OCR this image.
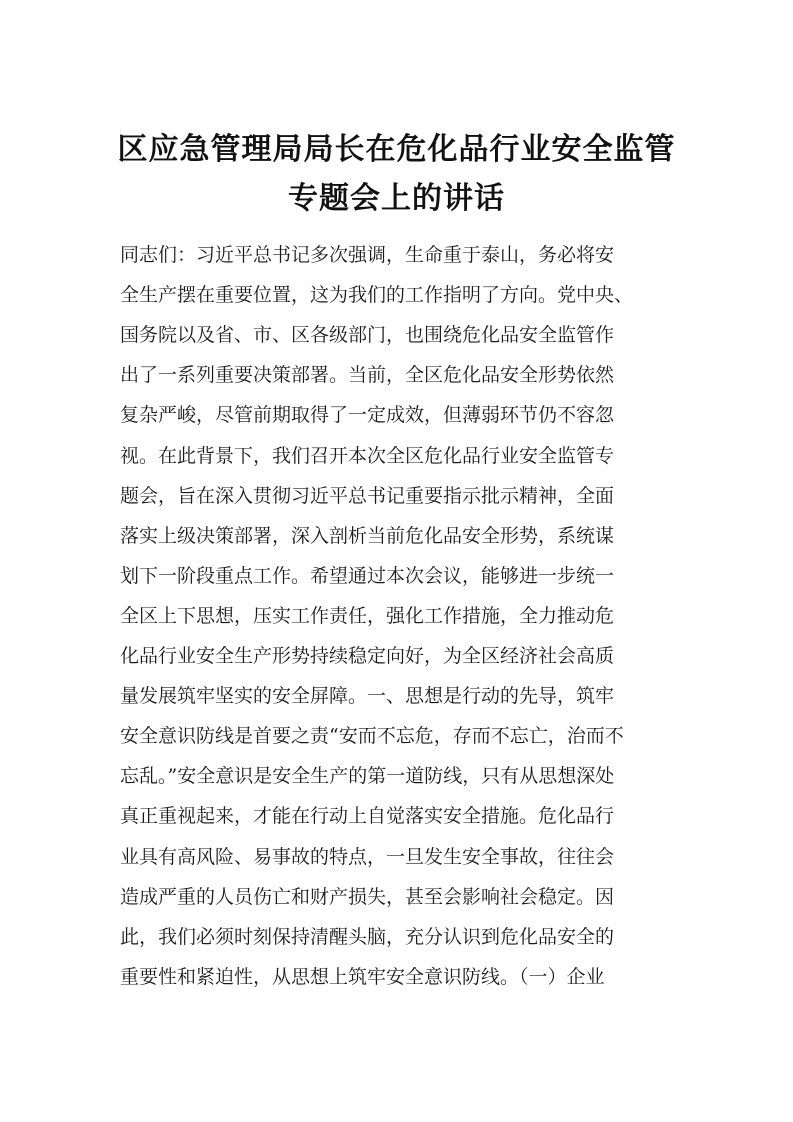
区应急管理局局长在危化品行业安全监管
专题会上的讲话
同志们：习近平总书记多次强调，生命重于泰山，务必将安
全生产摆在重要位置，这为我们的工作指明了方向。党中央、
国务院以及省、市、区各级部门，也围绕危化品安全监管作
出了一系列重要决策部署。当前，全区危化品安全形势依然
复杂严峻，尽管前期取得了一定成效，但薄弱环节仍不容忽
视。在此背景下，我们召开本次全区危化品行业安全监管专
题会，旨在深入贯彻习近平总书记重要指示批示精神，全面
落实上级决策部署，深入剖析当前危化品安全形势，系统谋
划下一阶段重点工作。希望通过本次会议，能够进一步统一
全区上下思想，压实工作责任，强化工作措施，全力推动危
化品行业安全生产形势持续稳定向好，为全区经济社会高质
量发展筑牢坚实的安全屏障。一、思想是行动的先导，筑牢
安全意识防线是首要之责“安而不忘危，存而不忘亡，治而不
忘乱。”安全意识是安全生产的第一道防线，只有从思想深处
真正重视起来，才能在行动上自觉落实安全措施。危化品行
业具有高风险、易事故的特点，一旦发生安全事故，往往会
造成严重的人员伤亡和财产损失，甚至会影响社会稳定。因
此，我们必须时刻保持清醒头脑，充分认识到危化品安全的
重要性和紧迫性，从思想上筑牢安全意识防线。（一）企业
